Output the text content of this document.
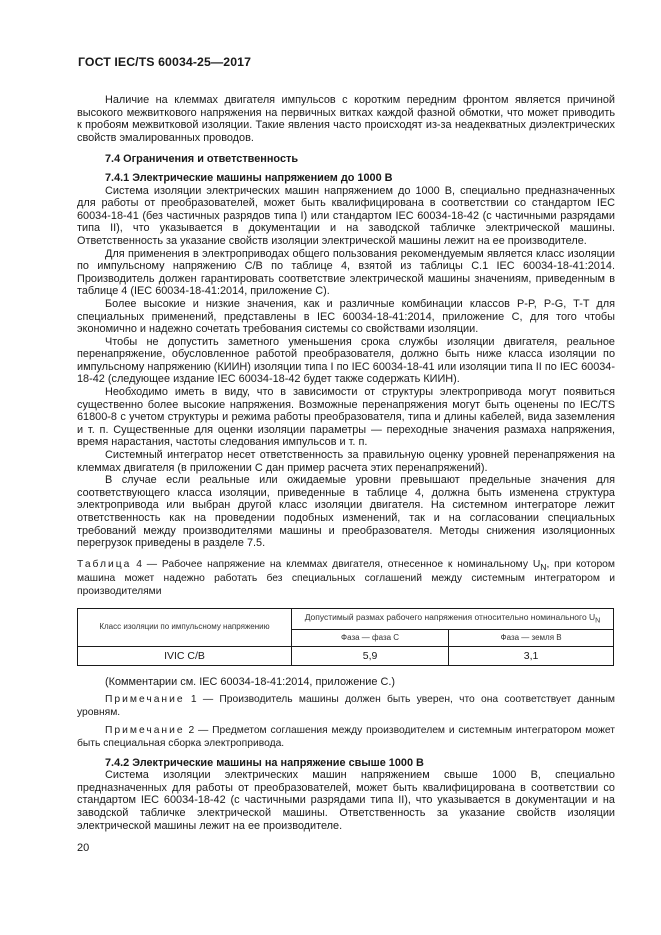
ГОСТ IEC/TS 60034-25—2017

Наличие на клеммах двигателя импульсов с коротким передним фронтом является причиной высокого межвиткового напряжения на первичных витках каждой фазной обмотки, что может приводить к пробоям межвитковой изоляции. Такие явления часто происходят из-за неадекватных диэлектрических свойств эмалированных проводов.

7.4 Ограничения и ответственность

7.4.1 Электрические машины напряжением до 1000 В

Система изоляции электрических машин напряжением до 1000 В, специально предназначенных для работы от преобразователей, может быть квалифицирована в соответствии со стандартом IEC 60034-18-41 (без частичных разрядов типа I) или стандартом IEC 60034-18-42 (с частичными разрядами типа II), что указывается в документации и на заводской табличке электрической машины. Ответственность за указание свойств изоляции электрической машины лежит на ее производителе.

Для применения в электроприводах общего пользования рекомендуемым является класс изоляции по импульсному напряжению C/B по таблице 4, взятой из таблицы С.1 IEC 60034-18-41:2014. Производитель должен гарантировать соответствие электрической машины значениям, приведенным в таблице 4 (IEC 60034-18-41:2014, приложение С).

Более высокие и низкие значения, как и различные комбинации классов P-P, P-G, T-T для специальных применений, представлены в IEC 60034-18-41:2014, приложение С, для того чтобы экономично и надежно сочетать требования системы со свойствами изоляции.

Чтобы не допустить заметного уменьшения срока службы изоляции двигателя, реальное перенапряжение, обусловленное работой преобразователя, должно быть ниже класса изоляции по импульсному напряжению (КИИН) изоляции типа I по IEC 60034-18-41 или изоляции типа II по IEC 60034-18-42 (следующее издание IEC 60034-18-42 будет также содержать КИИН).

Необходимо иметь в виду, что в зависимости от структуры электропривода могут появиться существенно более высокие напряжения. Возможные перенапряжения могут быть оценены по IEC/TS 61800-8 с учетом структуры и режима работы преобразователя, типа и длины кабелей, вида заземления и т. п. Существенные для оценки изоляции параметры — переходные значения размаха напряжения, время нарастания, частоты следования импульсов и т. п.

Системный интегратор несет ответственность за правильную оценку уровней перенапряжения на клеммах двигателя (в приложении С дан пример расчета этих перенапряжений).

В случае если реальные или ожидаемые уровни превышают предельные значения для соответствующего класса изоляции, приведенные в таблице 4, должна быть изменена структура электропривода или выбран другой класс изоляции двигателя. На системном интеграторе лежит ответственность как на проведении подобных изменений, так и на согласовании специальных требований между производителями машины и преобразователя. Методы снижения изоляционных перегрузок приведены в разделе 7.5.

Таблица 4 — Рабочее напряжение на клеммах двигателя, отнесенное к номинальному $U_N$, при котором машина может надежно работать без специальных соглашений между системным интегратором и производителями

Класс изоляции по импульсному напряжению	Допустимый размах рабочего напряжения относительно номинального $U_N$
	Фаза — фаза С	Фаза — земля В
IVIC C/B	5,9	3,1

(Комментарии см. IEC 60034-18-41:2014, приложение С.)

Примечание 1 — Производитель машины должен быть уверен, что она соответствует данным уровням.

Примечание 2 — Предметом соглашения между производителем и системным интегратором может быть специальная сборка электропривода.

7.4.2 Электрические машины на напряжение свыше 1000 В

Система изоляции электрических машин напряжением свыше 1000 В, специально предназначенных для работы от преобразователей, может быть квалифицирована в соответствии со стандартом IEC 60034-18-42 (с частичными разрядами типа II), что указывается в документации и на заводской табличке электрической машины. Ответственность за указание свойств изоляции электрической машины лежит на ее производителе.

20
